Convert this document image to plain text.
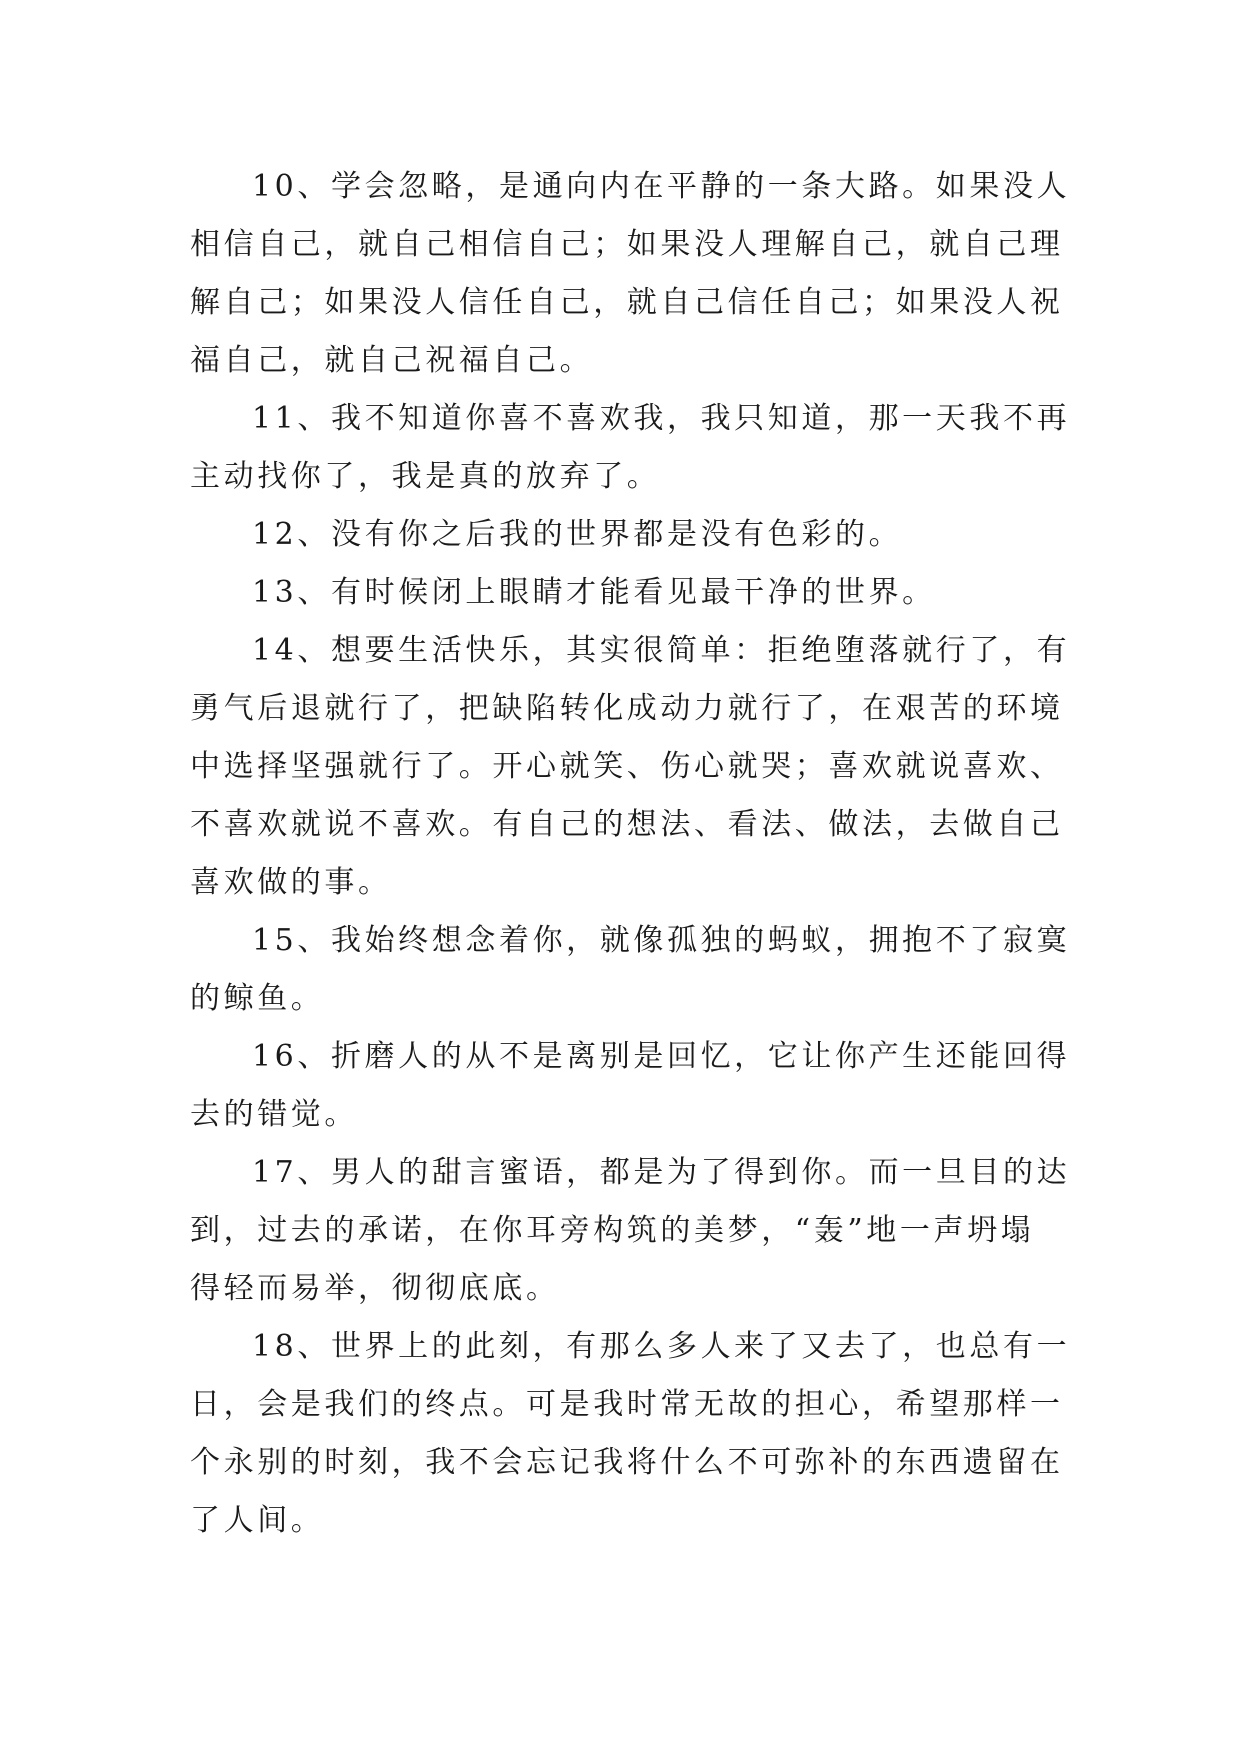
10、学会忽略，是通向内在平静的一条大路。如果没人
相信自己，就自己相信自己；如果没人理解自己，就自己理
解自己；如果没人信任自己，就自己信任自己；如果没人祝
福自己，就自己祝福自己。
11、我不知道你喜不喜欢我，我只知道，那一天我不再
主动找你了，我是真的放弃了。
12、没有你之后我的世界都是没有色彩的。
13、有时候闭上眼睛才能看见最干净的世界。
14、想要生活快乐，其实很简单：拒绝堕落就行了，有
勇气后退就行了，把缺陷转化成动力就行了，在艰苦的环境
中选择坚强就行了。开心就笑、伤心就哭；喜欢就说喜欢、
不喜欢就说不喜欢。有自己的想法、看法、做法，去做自己
喜欢做的事。
15、我始终想念着你，就像孤独的蚂蚁，拥抱不了寂寞
的鲸鱼。
16、折磨人的从不是离别是回忆，它让你产生还能回得
去的错觉。
17、男人的甜言蜜语，都是为了得到你。而一旦目的达
到，过去的承诺，在你耳旁构筑的美梦，“轰”地一声坍塌
得轻而易举，彻彻底底。
18、世界上的此刻，有那么多人来了又去了，也总有一
日，会是我们的终点。可是我时常无故的担心，希望那样一
个永别的时刻，我不会忘记我将什么不可弥补的东西遗留在
了人间。
